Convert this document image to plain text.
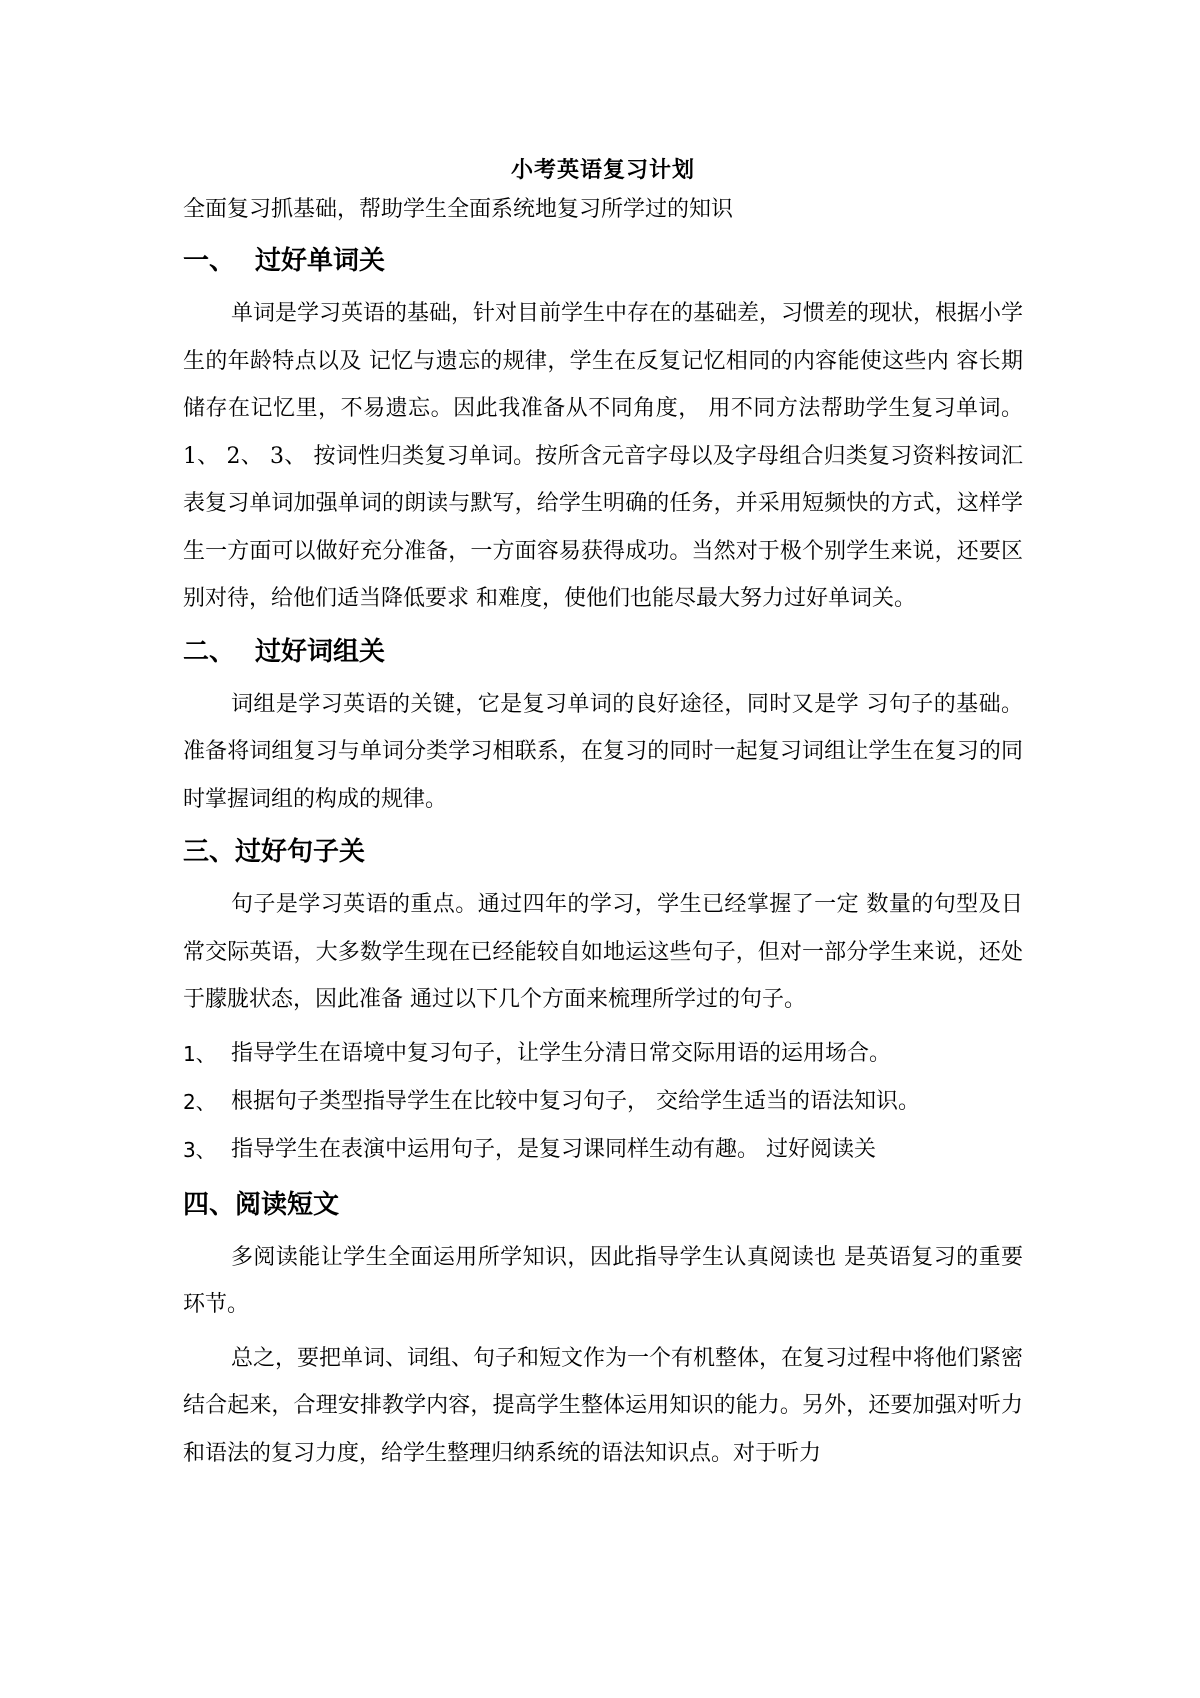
小考英语复习计划

全面复习抓基础，帮助学生全面系统地复习所学过的知识

一、 过好单词关

单词是学习英语的基础，针对目前学生中存在的基础差，习惯差的现状，根据小学生的年龄特点以及 记忆与遗忘的规律，学生在反复记忆相同的内容能使这些内 容长期储存在记忆里，不易遗忘。因此我准备从不同角度， 用不同方法帮助学生复习单词。 1、 2、 3、 按词性归类复习单词。按所含元音字母以及字母组合归类复习资料按词汇表复习单词加强单词的朗读与默写，给学生明确的任务，并采用短频快的方式，这样学生一方面可以做好充分准备，一方面容易获得成功。当然对于极个别学生来说，还要区别对待，给他们适当降低要求 和难度，使他们也能尽最大努力过好单词关。

二、 过好词组关

词组是学习英语的关键，它是复习单词的良好途径，同时又是学 习句子的基础。准备将词组复习与单词分类学习相联系，在复习的同时一起复习词组让学生在复习的同时掌握词组的构成的规律。

三、过好句子关

句子是学习英语的重点。通过四年的学习，学生已经掌握了一定 数量的句型及日常交际英语，大多数学生现在已经能较自如地运这些句子，但对一部分学生来说，还处于朦胧状态，因此准备 通过以下几个方面来梳理所学过的句子。

1、 指导学生在语境中复习句子，让学生分清日常交际用语的运用场合。
2、 根据句子类型指导学生在比较中复习句子， 交给学生适当的语法知识。
3、 指导学生在表演中运用句子，是复习课同样生动有趣。 过好阅读关
四、阅读短文

多阅读能让学生全面运用所学知识，因此指导学生认真阅读也 是英语复习的重要环节。

总之，要把单词、词组、句子和短文作为一个有机整体，在复习过程中将他们紧密结合起来，合理安排教学内容，提高学生整体运用知识的能力。另外，还要加强对听力和语法的复习力度，给学生整理归纳系统的语法知识点。对于听力
